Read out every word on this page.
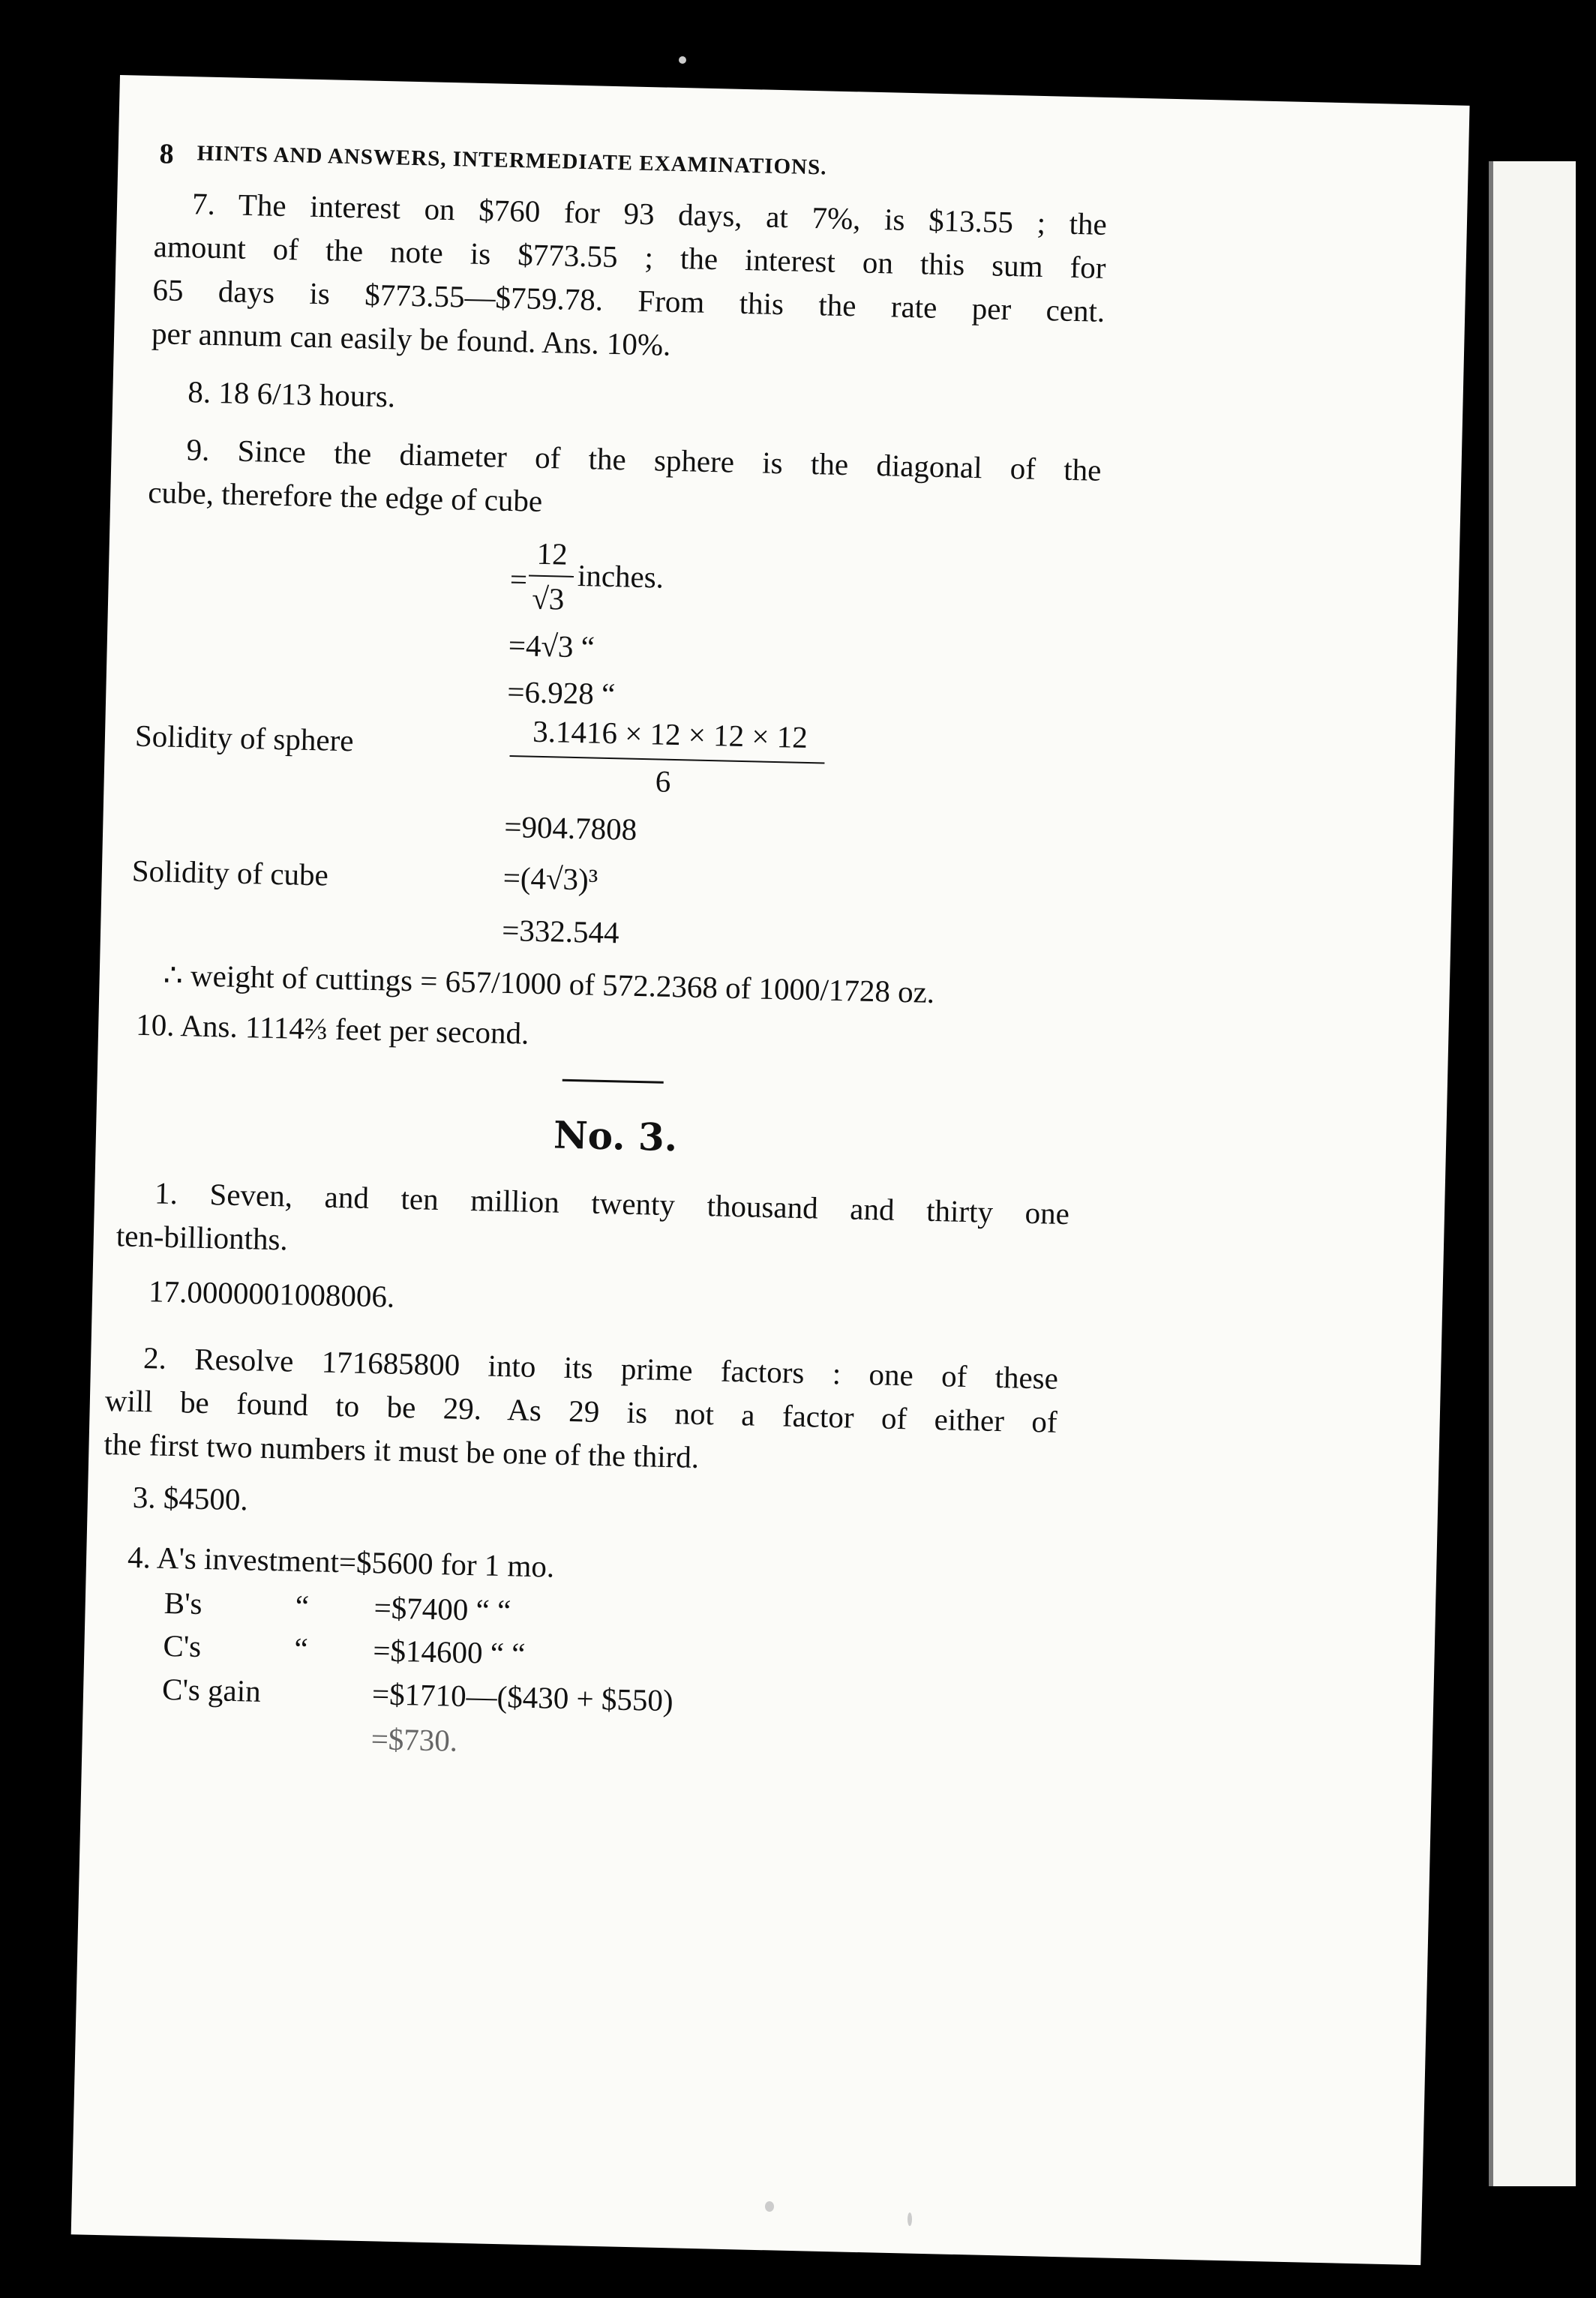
8 HINTS AND ANSWERS, INTERMEDIATE EXAMINATIONS.
7. The interest on $760 for 93 days, at 7%, is $13.55 ; the
amount of the note is $773.55 ; the interest on this sum for
65 days is $773.55—$759.78. From this the rate per cent.
per annum can easily be found. Ans. 10%.
8. 18 6/13 hours.
9. Since the diameter of the sphere is the diagonal of the
cube, therefore the edge of cube
12
=
√3
inches.
=4√3 “
=6.928 “
Solidity of sphere	3.1416 × 12 × 12 × 12
6
=904.7808
Solidity of cube	=(4√3)³
=332.544
∴ weight of cuttings = 657/1000 of 572.2368 of 1000/1728 oz.
10. Ans. 1114⅔ feet per second.
No. 3.
1. Seven, and ten million twenty thousand and thirty one
ten-billionths.
17.0000001008006.
2. Resolve 171685800 into its prime factors : one of these
will be found to be 29. As 29 is not a factor of either of
the first two numbers it must be one of the third.
3. $4500.
4. A's investment=$5600 for 1 mo.
B's	“ =$7400 “ “
C's	“ =$14600 “ “
C's gain	=$1710—($430 + $550)
=$730.
